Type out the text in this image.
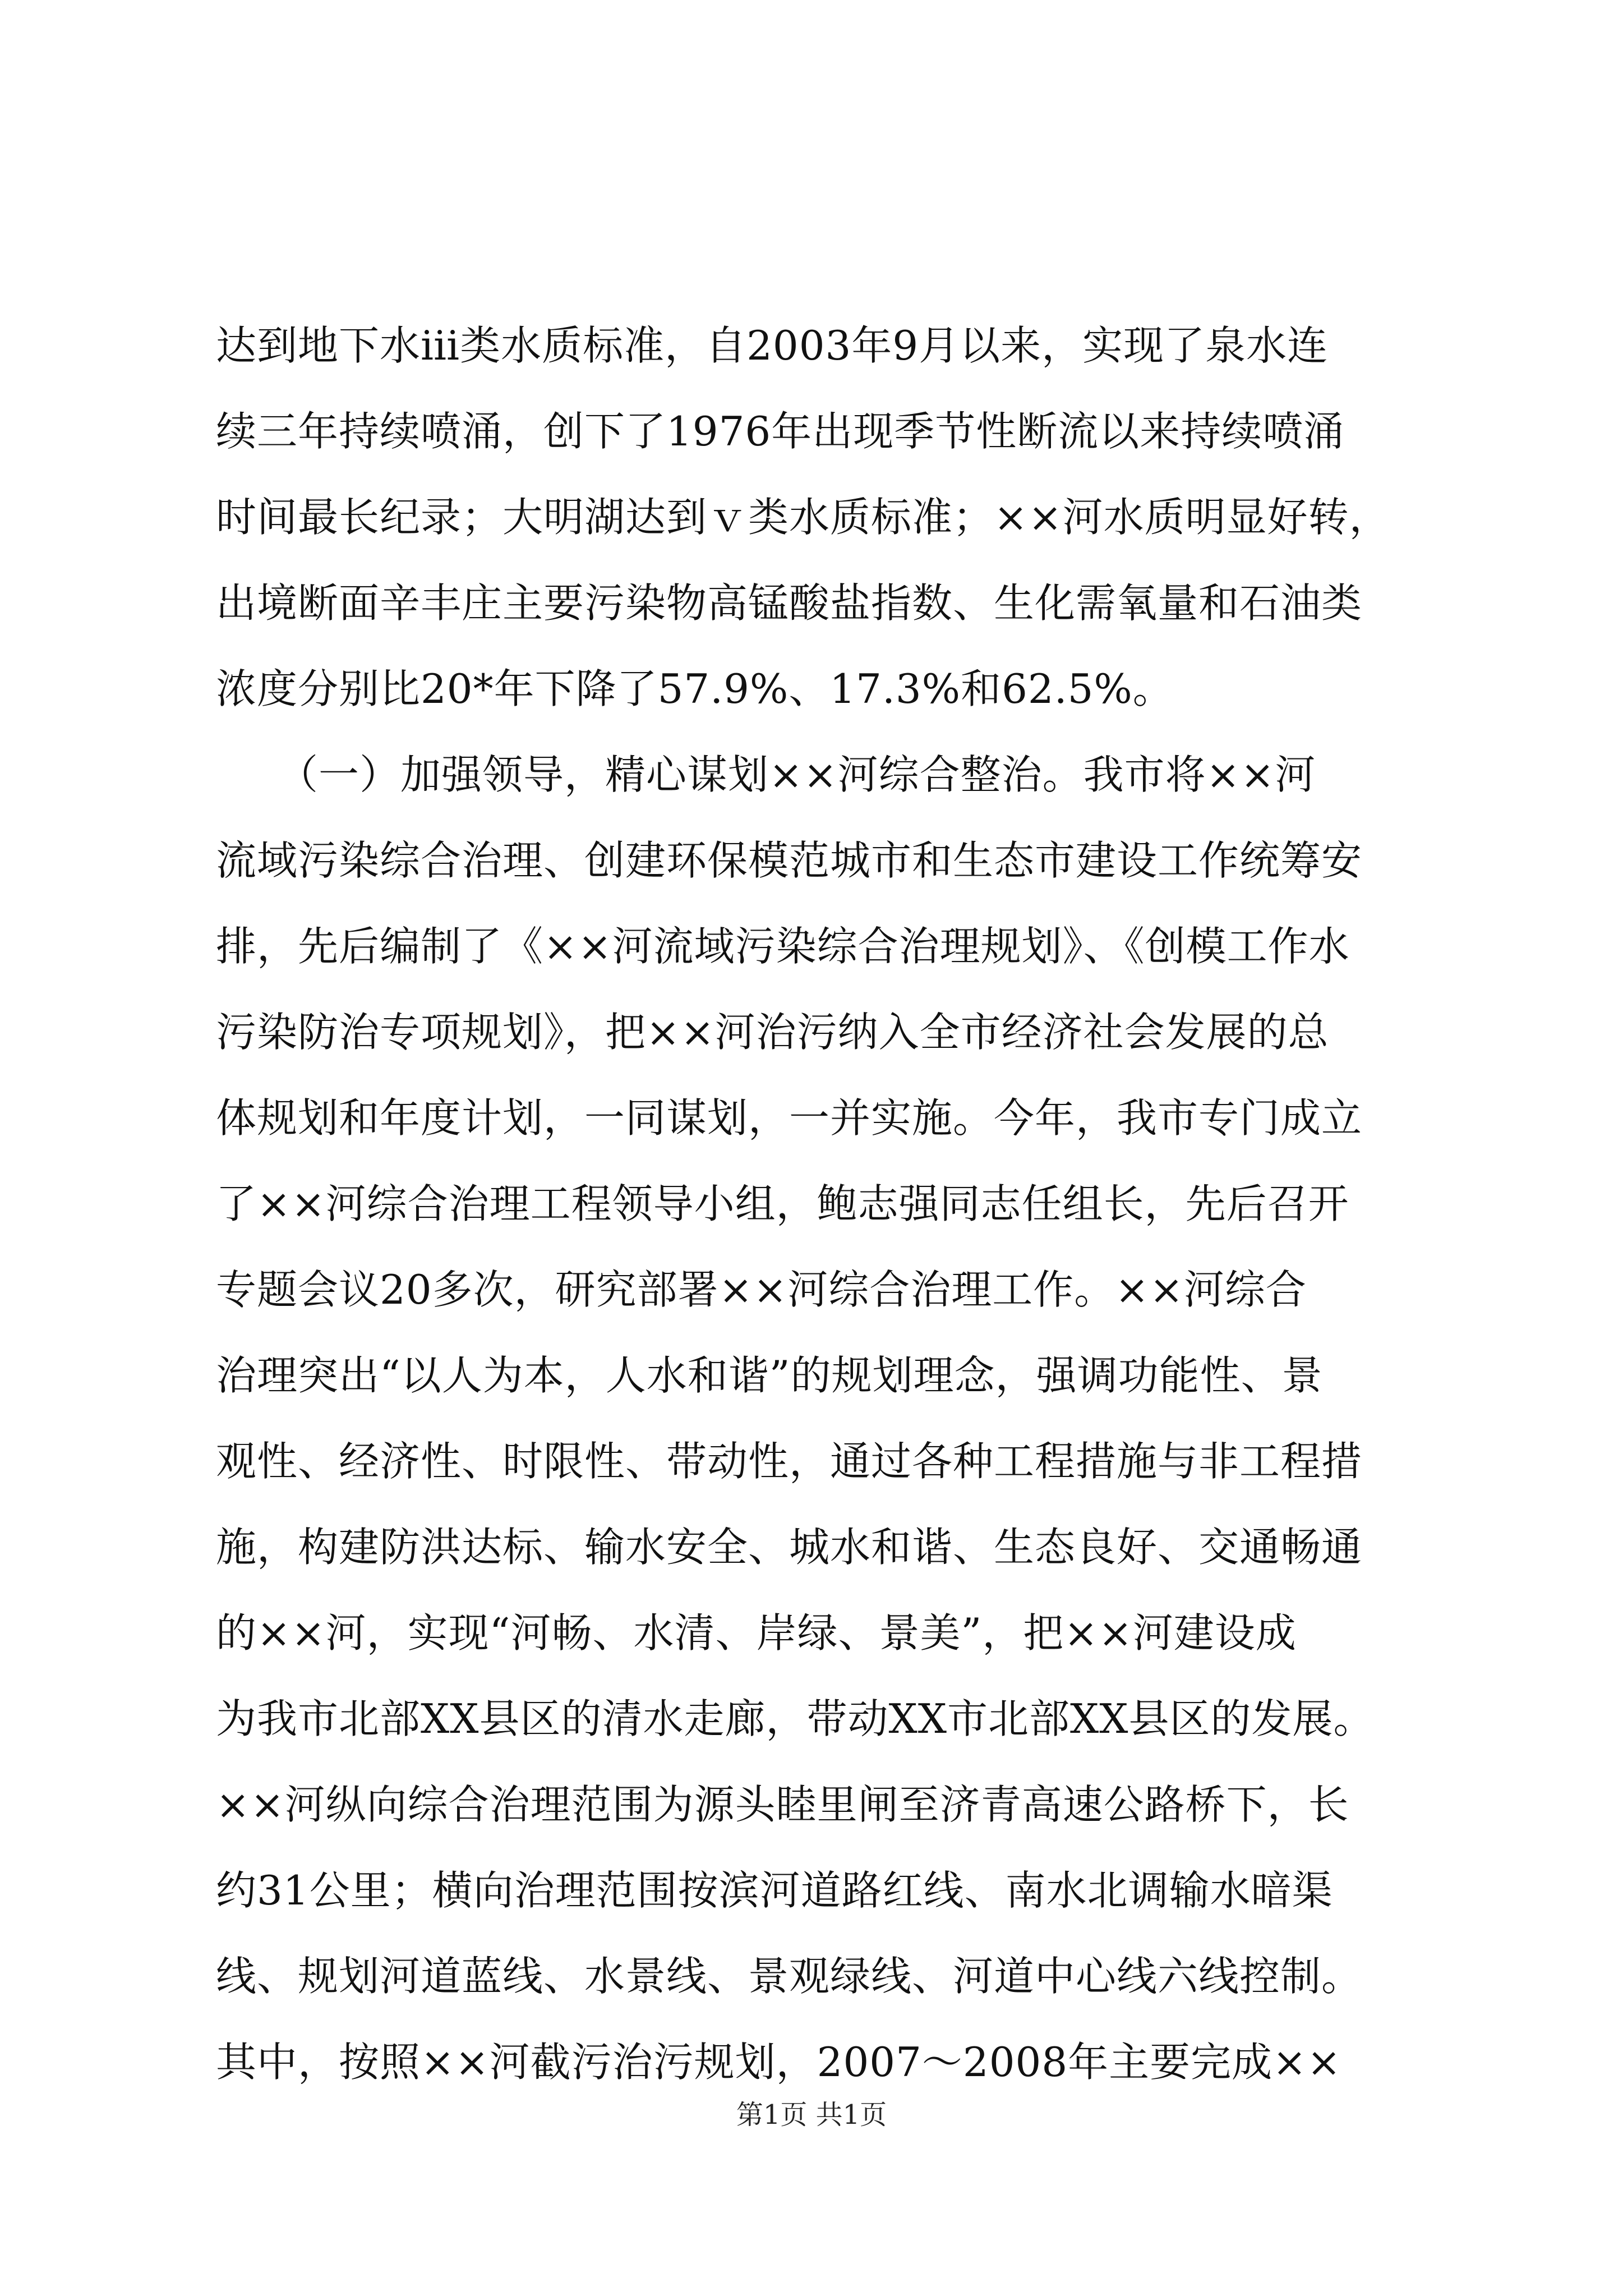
达到地下水ⅲ类水质标准，自2003年9月以来，实现了泉水连
续三年持续喷涌，创下了1976年出现季节性断流以来持续喷涌
时间最长纪录；大明湖达到ｖ类水质标准；××河水质明显好转，
出境断面辛丰庄主要污染物高锰酸盐指数、生化需氧量和石油类
浓度分别比20*年下降了57.9%、17.3%和62.5%。
　　（一）加强领导，精心谋划××河综合整治。我市将××河
流域污染综合治理、创建环保模范城市和生态市建设工作统筹安
排，先后编制了《××河流域污染综合治理规划》、《创模工作水
污染防治专项规划》，把××河治污纳入全市经济社会发展的总
体规划和年度计划，一同谋划，一并实施。今年，我市专门成立
了××河综合治理工程领导小组，鲍志强同志任组长，先后召开
专题会议20多次，研究部署××河综合治理工作。××河综合
治理突出“以人为本，人水和谐”的规划理念，强调功能性、景
观性、经济性、时限性、带动性，通过各种工程措施与非工程措
施，构建防洪达标、输水安全、城水和谐、生态良好、交通畅通
的××河，实现“河畅、水清、岸绿、景美”，把××河建设成
为我市北部XX县区的清水走廊，带动XX市北部XX县区的发展。
××河纵向综合治理范围为源头睦里闸至济青高速公路桥下，长
约31公里；横向治理范围按滨河道路红线、南水北调输水暗渠
线、规划河道蓝线、水景线、景观绿线、河道中心线六线控制。
其中，按照××河截污治污规划，2007～2008年主要完成××
第1页 共1页
